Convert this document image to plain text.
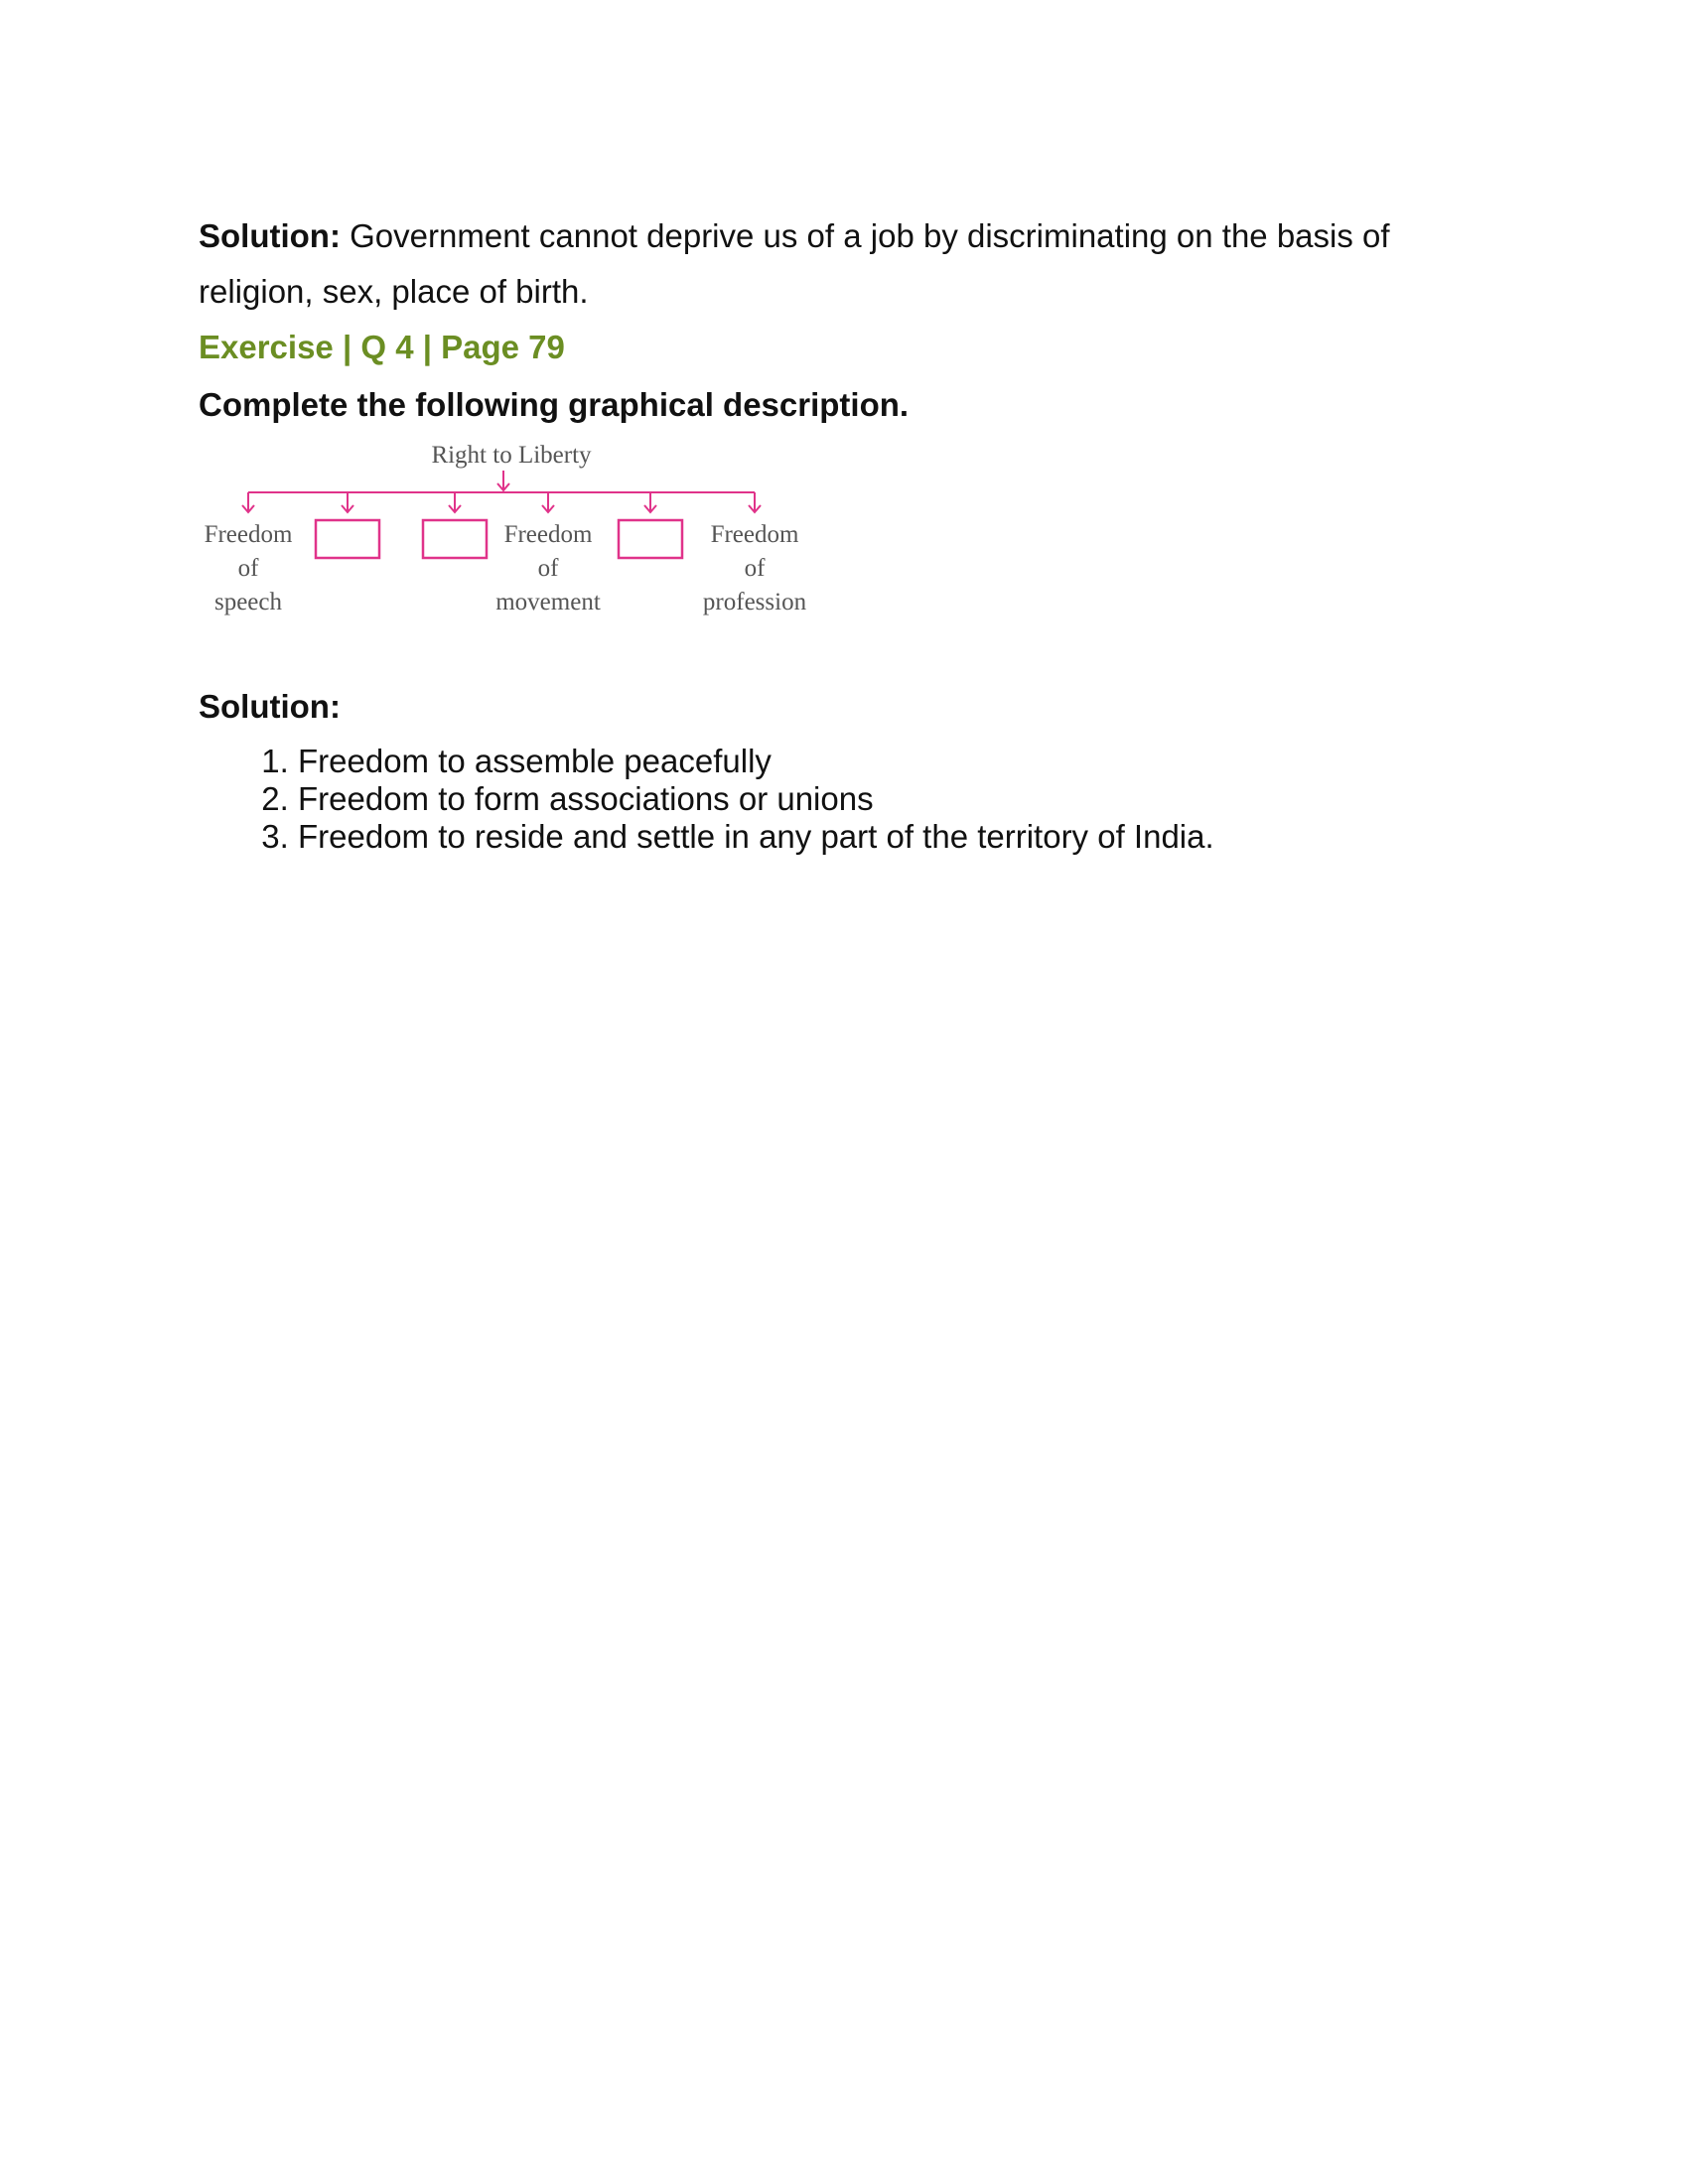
Solution: Government cannot deprive us of a job by discriminating on the basis of religion, sex, place of birth.

Exercise | Q 4 | Page 79

Complete the following graphical description.

Right to Liberty
Freedom
of
speech
Freedom
of
movement
Freedom
of
profession

Solution:

1. Freedom to assemble peacefully
2. Freedom to form associations or unions
3. Freedom to reside and settle in any part of the territory of India.
